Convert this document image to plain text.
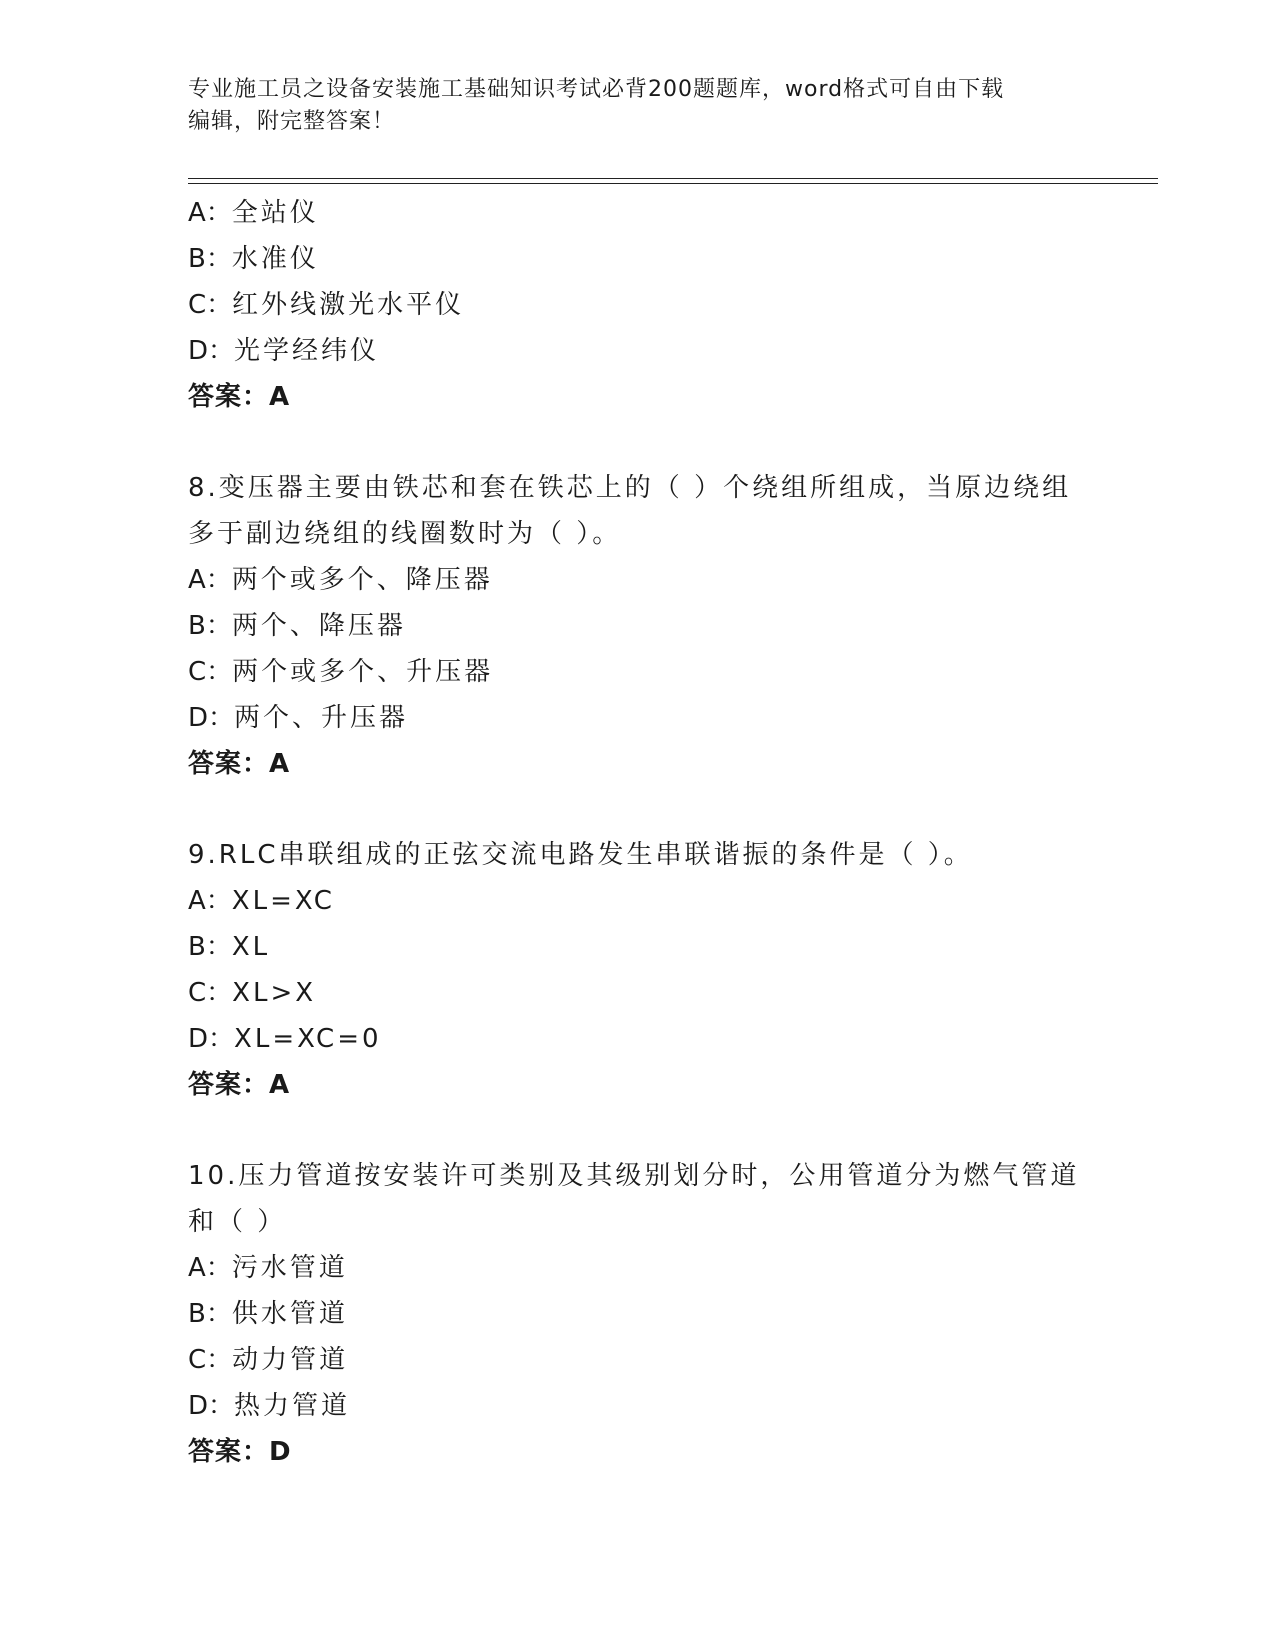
专业施工员之设备安装施工基础知识考试必背200题题库，word格式可自由下载
编辑，附完整答案！
A：全站仪
B：水准仪
C：红外线激光水平仪
D：光学经纬仪
答案：A
8.变压器主要由铁芯和套在铁芯上的（ ）个绕组所组成，当原边绕组
多于副边绕组的线圈数时为（ ）。
A：两个或多个、降压器
B：两个、降压器
C：两个或多个、升压器
D：两个、升压器
答案：A
9.RLC串联组成的正弦交流电路发生串联谐振的条件是（ ）。
A：XL=XC
B：XL
C：XL>X
D：XL=XC=0
答案：A
10.压力管道按安装许可类别及其级别划分时，公用管道分为燃气管道
和（ ）
A：污水管道
B：供水管道
C：动力管道
D：热力管道
答案：D
